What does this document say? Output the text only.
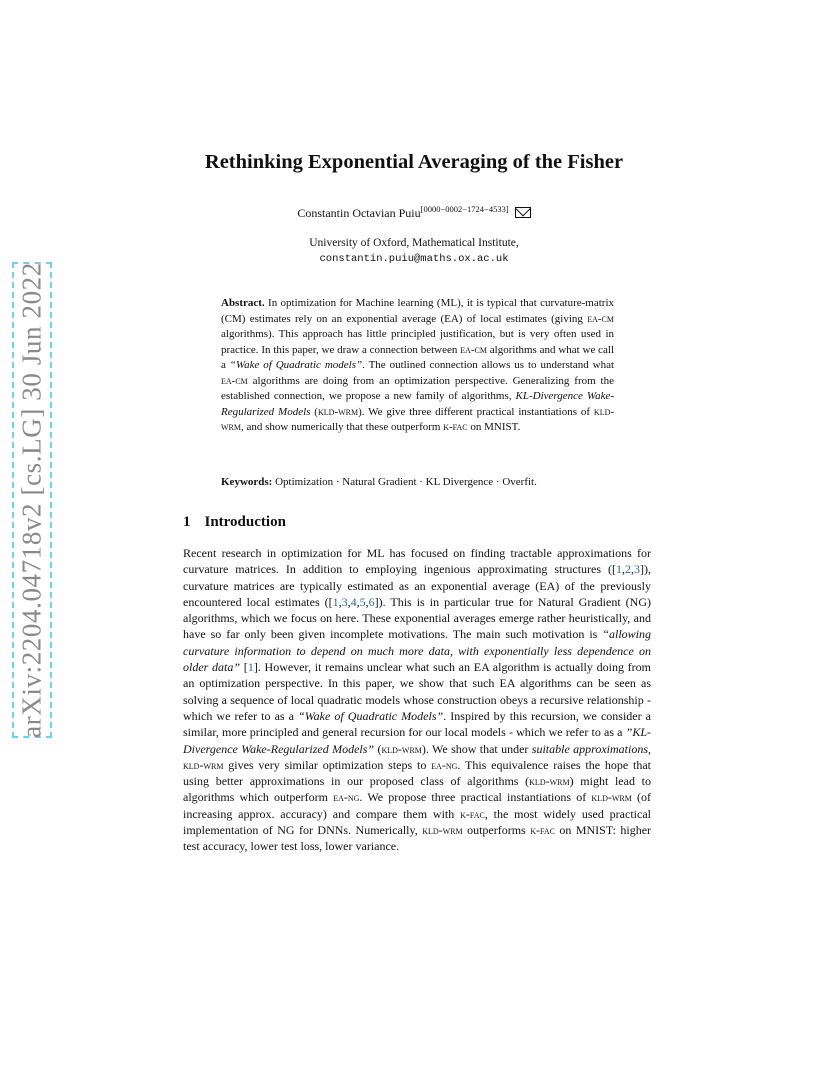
arXiv:2204.04718v2 [cs.LG] 30 Jun 2022
Rethinking Exponential Averaging of the Fisher
Constantin Octavian Puiu[0000−0002−1724−4533]
University of Oxford, Mathematical Institute,
constantin.puiu@maths.ox.ac.uk
Abstract. In optimization for Machine learning (ML), it is typical that curvature-matrix (CM) estimates rely on an exponential average (EA) of local estimates (giving ea-cm algorithms). This approach has little principled justification, but is very often used in practice. In this paper, we draw a connection between ea-cm algorithms and what we call a “Wake of Quadratic models”. The outlined connection allows us to understand what ea-cm algorithms are doing from an optimization perspective. Generalizing from the established connection, we propose a new family of algorithms, KL-Divergence Wake-Regularized Models (kld-wrm). We give three different practical instantiations of kld-wrm, and show numerically that these outperform k-fac on MNIST.
Keywords: Optimization · Natural Gradient · KL Divergence · Overfit.
1 Introduction
Recent research in optimization for ML has focused on finding tractable approximations for curvature matrices. In addition to employing ingenious approximating structures ([1,2,3]), curvature matrices are typically estimated as an exponential average (EA) of the previously encountered local estimates ([1,3,4,5,6]). This is in particular true for Natural Gradient (NG) algorithms, which we focus on here. These exponential averages emerge rather heuristically, and have so far only been given incomplete motivations. The main such motivation is “allowing curvature information to depend on much more data, with exponentially less dependence on older data” [1]. However, it remains unclear what such an EA algorithm is actually doing from an optimization perspective. In this paper, we show that such EA algorithms can be seen as solving a sequence of local quadratic models whose construction obeys a recursive relationship - which we refer to as a “Wake of Quadratic Models”. Inspired by this recursion, we consider a similar, more principled and general recursion for our local models - which we refer to as a ”KL-Divergence Wake-Regularized Models” (kld-wrm). We show that under suitable approximations, kld-wrm gives very similar optimization steps to ea-ng. This equivalence raises the hope that using better approximations in our proposed class of algorithms (kld-wrm) might lead to algorithms which outperform ea-ng. We propose three practical instantiations of kld-wrm (of increasing approx. accuracy) and compare them with k-fac, the most widely used practical implementation of NG for DNNs. Numerically, kld-wrm outperforms k-fac on MNIST: higher test accuracy, lower test loss, lower variance.
